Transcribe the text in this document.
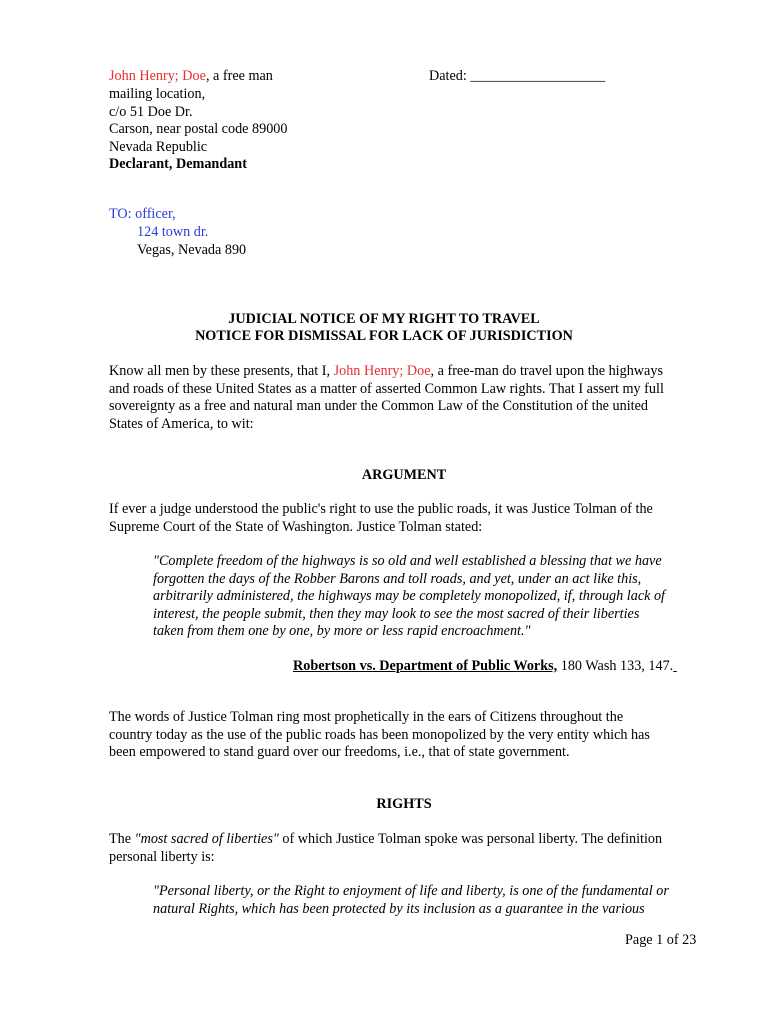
John Henry; Doe, a free man	Dated: ___________________
mailing location,
c/o 51 Doe Dr.
Carson, near postal code 89000
Nevada Republic
Declarant, Demandant
TO: officer,
124 town dr.
Vegas, Nevada 890
JUDICIAL NOTICE OF MY RIGHT TO TRAVEL
NOTICE FOR DISMISSAL FOR LACK OF JURISDICTION
Know all men by these presents, that I, John Henry; Doe, a free-man do travel upon the highways
and roads of these United States as a matter of asserted Common Law rights. That I assert my full
sovereignty as a free and natural man under the Common Law of the Constitution of the united
States of America, to wit:
ARGUMENT
If ever a judge understood the public's right to use the public roads, it was Justice Tolman of the
Supreme Court of the State of Washington. Justice Tolman stated:
"Complete freedom of the highways is so old and well established a blessing that we have
forgotten the days of the Robber Barons and toll roads, and yet, under an act like this,
arbitrarily administered, the highways may be completely monopolized, if, through lack of
interest, the people submit, then they may look to see the most sacred of their liberties
taken from them one by one, by more or less rapid encroachment."
Robertson vs. Department of Public Works, 180 Wash 133, 147.
The words of Justice Tolman ring most prophetically in the ears of Citizens throughout the
country today as the use of the public roads has been monopolized by the very entity which has
been empowered to stand guard over our freedoms, i.e., that of state government.
RIGHTS
The "most sacred of liberties" of which Justice Tolman spoke was personal liberty. The definition
personal liberty is:
"Personal liberty, or the Right to enjoyment of life and liberty, is one of the fundamental or
natural Rights, which has been protected by its inclusion as a guarantee in the various
Page 1 of 23
